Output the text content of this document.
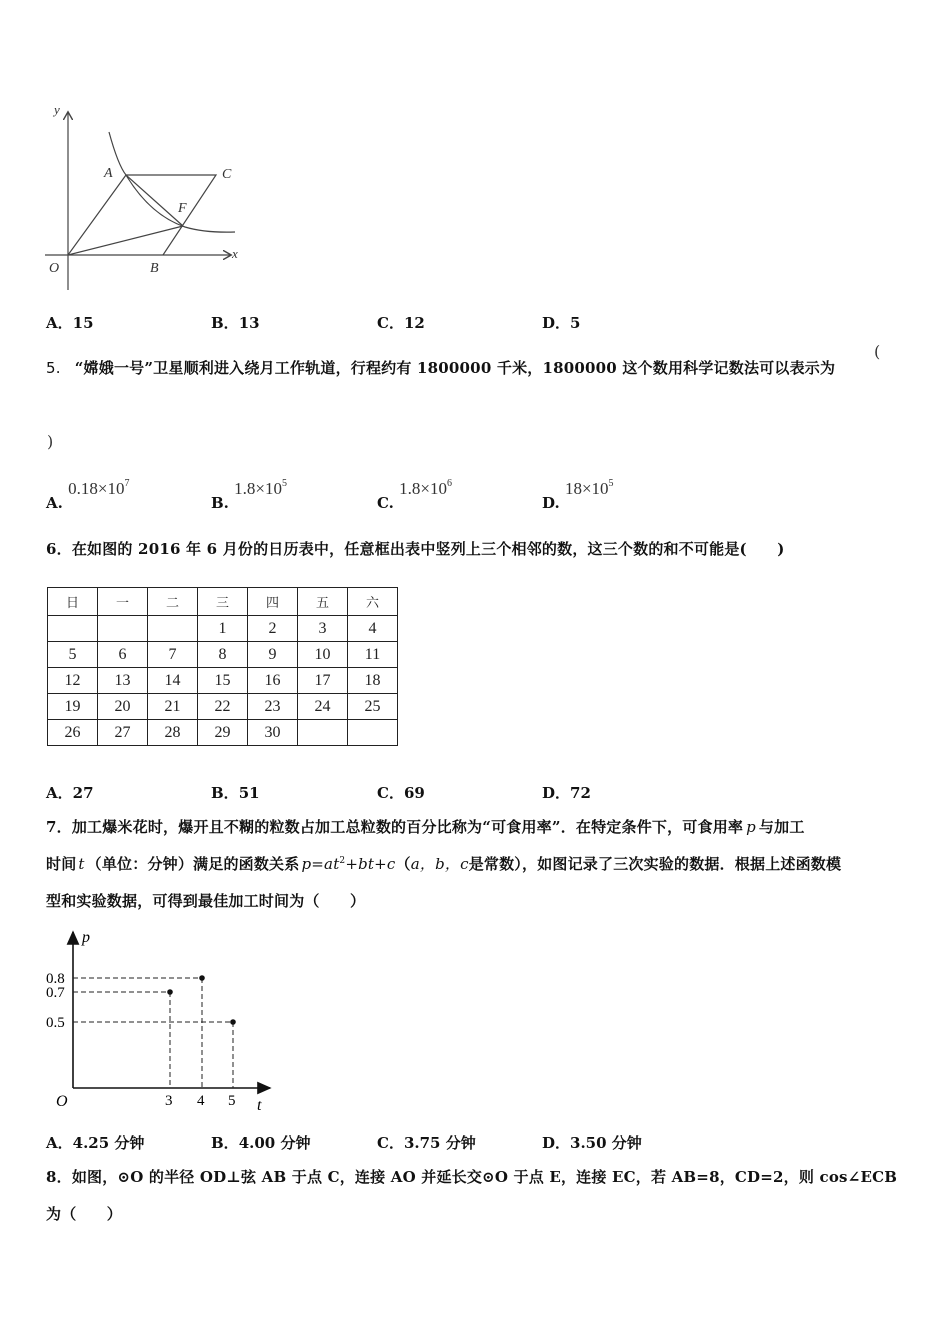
y
x
O
A
B
C
F
A．15	B．13	C．12	D．5
5. “嫦娥一号”卫星顺利进入绕月工作轨道，行程约有 1800000 千米，1800000 这个数用科学记数法可以表示为
(
)
A. $0.18\times 10^7$
B. $1.8\times 10^5$
C. $1.8\times 10^6$
D. $18\times 10^5$
6．在如图的 2016 年 6 月份的日历表中，任意框出表中竖列上三个相邻的数，这三个数的和不可能是(　　)
日	一	二	三	四	五	六
			1	2	3	4
5	6	7	8	9	10	11
12	13	14	15	16	17	18
19	20	21	22	23	24	25
26	27	28	29	30		
A．27	B．51	C．69	D．72
7．加工爆米花时，爆开且不糊的粒数占加工总粒数的百分比称为“可食用率”．在特定条件下，可食用率 p 与加工
时间 t （单位：分钟）满足的函数关系 $p=at^2+bt+c(a$，b，c是常数），如图记录了三次实验的数据．根据上述函数模
型和实验数据，可得到最佳加工时间为（　　）
p
t
O
0.8
0.7
0.5
3 4 5
A．4.25 分钟	B．4.00 分钟	C．3.75 分钟	D．3.50 分钟
8．如图，⊙O 的半径 OD⊥弦 AB 于点 C，连接 AO 并延长交⊙O 于点 E，连接 EC，若 AB=8，CD=2，则 cos∠ECB
为（　　）
